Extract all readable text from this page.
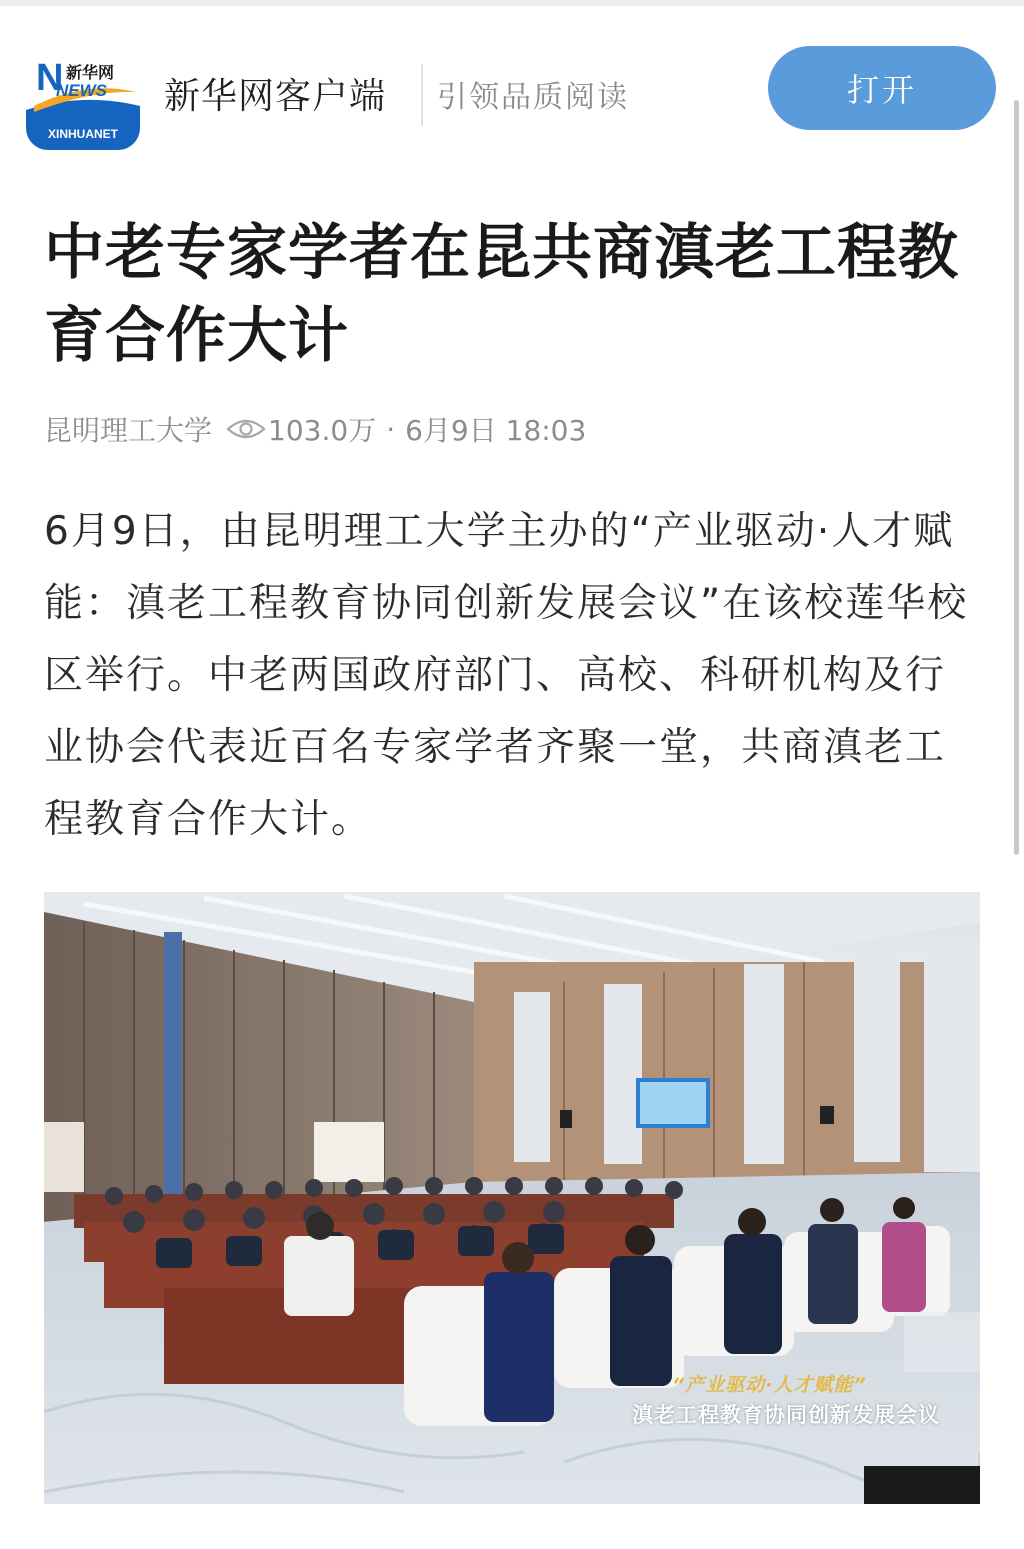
N 新华网
NEWS
XINHUANET
新华网客户端 引领品质阅读	打开
中老专家学者在昆共商滇老工程教育合作大计
昆明理工大学 103.0万 · 6月9日 18:03

6月9日，由昆明理工大学主办的“产业驱动·人才赋能：滇老工程教育协同创新发展会议”在该校莲华校区举行。中老两国政府部门、高校、科研机构及行业协会代表近百名专家学者齐聚一堂，共商滇老工程教育合作大计。

“产业驱动·人才赋能”
滇老工程教育协同创新发展会议
